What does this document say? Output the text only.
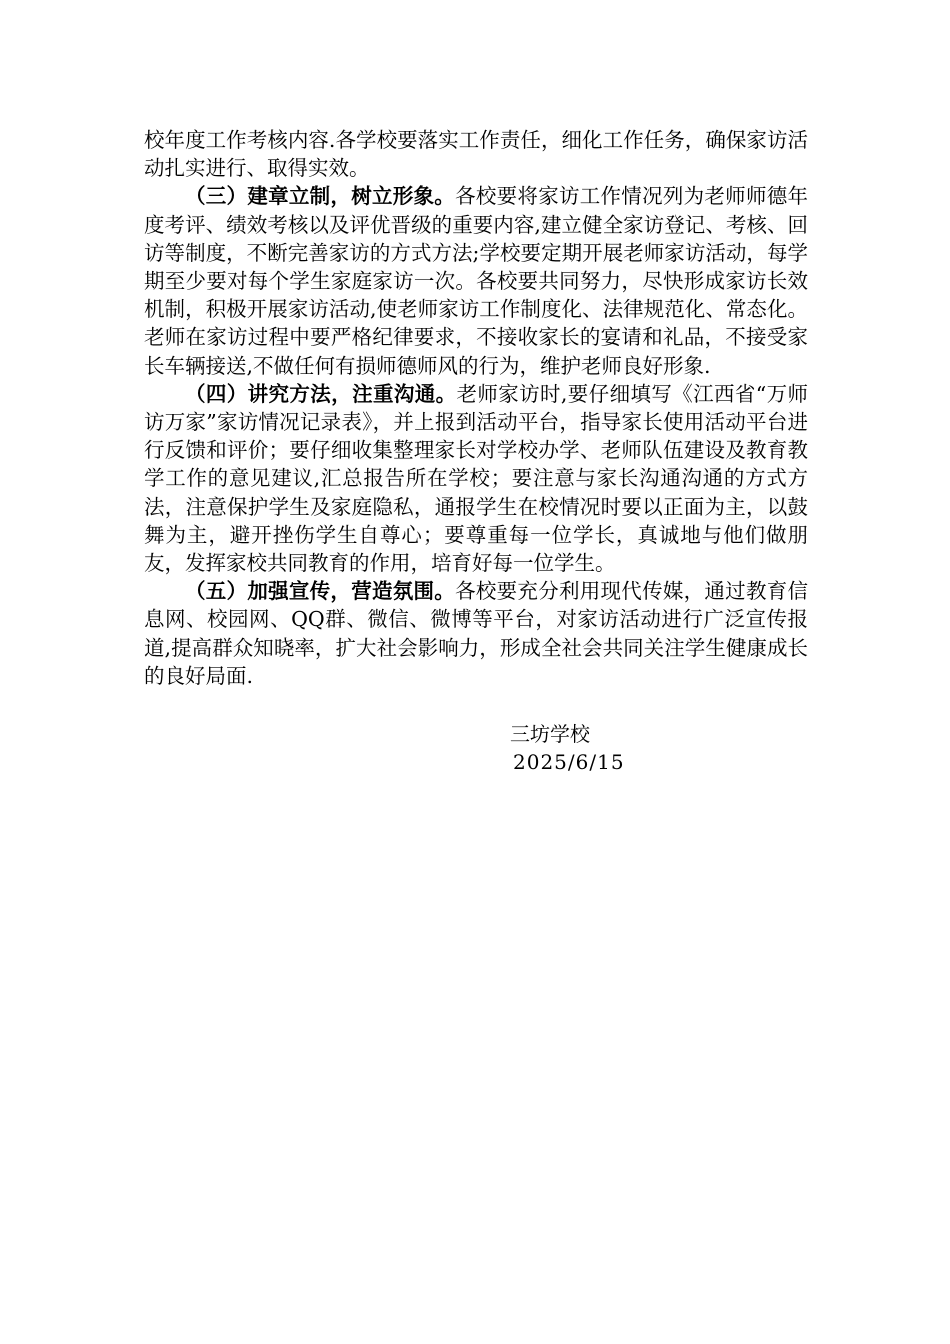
校年度工作考核内容.各学校要落实工作责任，细化工作任务，确保家访活动扎实进行、取得实效。

（三）建章立制，树立形象。各校要将家访工作情况列为老师师德年度考评、绩效考核以及评优晋级的重要内容,建立健全家访登记、考核、回访等制度，不断完善家访的方式方法;学校要定期开展老师家访活动，每学期至少要对每个学生家庭家访一次。各校要共同努力，尽快形成家访长效机制，积极开展家访活动,使老师家访工作制度化、法律规范化、常态化。老师在家访过程中要严格纪律要求，不接收家长的宴请和礼品，不接受家长车辆接送,不做任何有损师德师风的行为，维护老师良好形象.

（四）讲究方法，注重沟通。老师家访时,要仔细填写《江西省“万师访万家”家访情况记录表》，并上报到活动平台，指导家长使用活动平台进行反馈和评价；要仔细收集整理家长对学校办学、老师队伍建设及教育教学工作的意见建议,汇总报告所在学校；要注意与家长沟通沟通的方式方法，注意保护学生及家庭隐私，通报学生在校情况时要以正面为主，以鼓舞为主，避开挫伤学生自尊心；要尊重每一位学长，真诚地与他们做朋友，发挥家校共同教育的作用，培育好每一位学生。

（五）加强宣传，营造氛围。各校要充分利用现代传媒，通过教育信息网、校园网、QQ群、微信、微博等平台，对家访活动进行广泛宣传报道,提高群众知晓率，扩大社会影响力，形成全社会共同关注学生健康成长的良好局面.

三坊学校
2025/6/15
